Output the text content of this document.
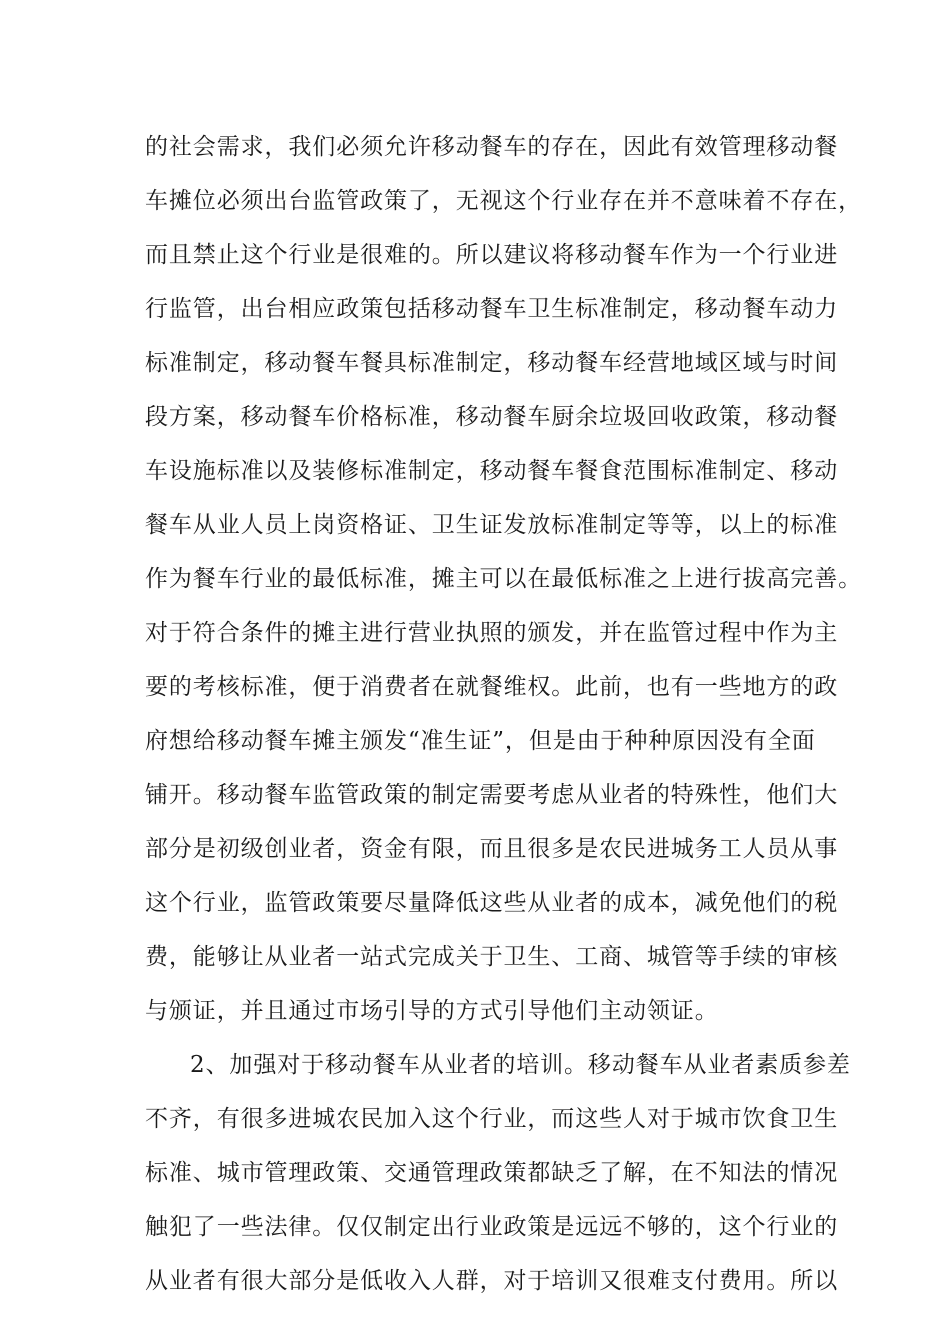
的社会需求，我们必须允许移动餐车的存在，因此有效管理移动餐
车摊位必须出台监管政策了，无视这个行业存在并不意味着不存在，
而且禁止这个行业是很难的。所以建议将移动餐车作为一个行业进
行监管，出台相应政策包括移动餐车卫生标准制定，移动餐车动力
标准制定，移动餐车餐具标准制定，移动餐车经营地域区域与时间
段方案，移动餐车价格标准，移动餐车厨余垃圾回收政策，移动餐
车设施标准以及装修标准制定，移动餐车餐食范围标准制定、移动
餐车从业人员上岗资格证、卫生证发放标准制定等等，以上的标准
作为餐车行业的最低标准，摊主可以在最低标准之上进行拔高完善。
对于符合条件的摊主进行营业执照的颁发，并在监管过程中作为主
要的考核标准，便于消费者在就餐维权。此前，也有一些地方的政
府想给移动餐车摊主颁发“准生证”，但是由于种种原因没有全面
铺开。移动餐车监管政策的制定需要考虑从业者的特殊性，他们大
部分是初级创业者，资金有限，而且很多是农民进城务工人员从事
这个行业，监管政策要尽量降低这些从业者的成本，减免他们的税
费，能够让从业者一站式完成关于卫生、工商、城管等手续的审核
与颁证，并且通过市场引导的方式引导他们主动领证。
2、加强对于移动餐车从业者的培训。移动餐车从业者素质参差
不齐，有很多进城农民加入这个行业，而这些人对于城市饮食卫生
标准、城市管理政策、交通管理政策都缺乏了解，在不知法的情况
触犯了一些法律。仅仅制定出行业政策是远远不够的，这个行业的
从业者有很大部分是低收入人群，对于培训又很难支付费用。所以
